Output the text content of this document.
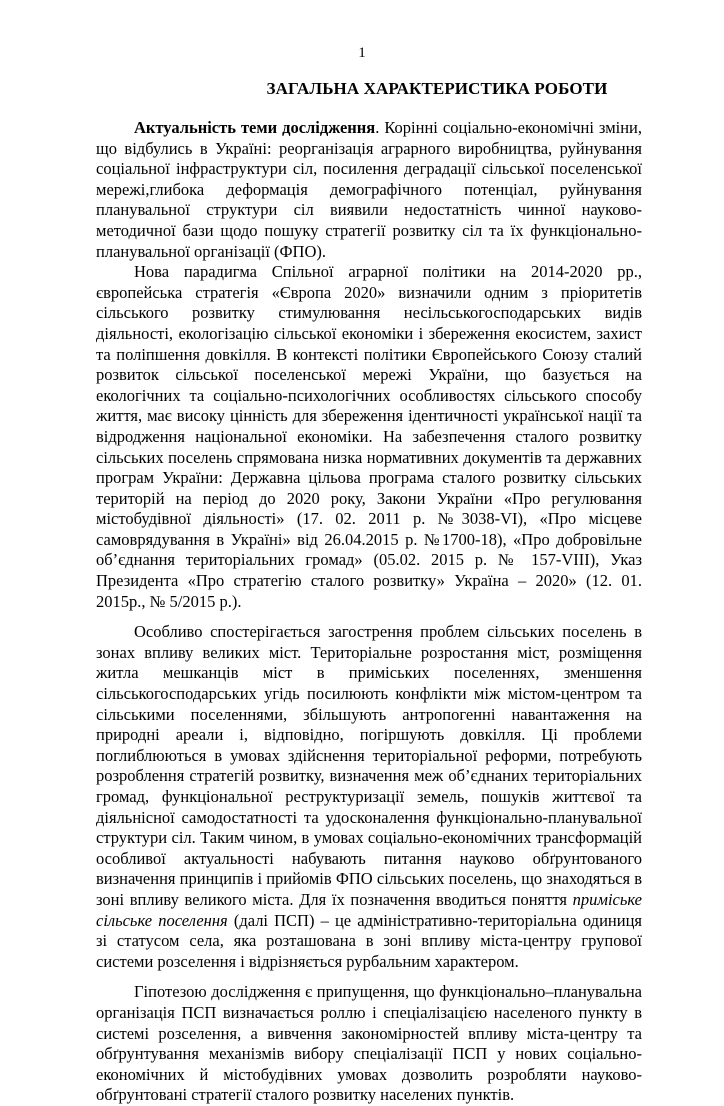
1
ЗАГАЛЬНА ХАРАКТЕРИСТИКА РОБОТИ

Актуальність теми дослідження. Корінні соціально-економічні зміни, що відбулись в Україні: реорганізація аграрного виробництва, руйнування соціальної інфраструктури сіл, посилення деградації сільської поселенської мережі,глибока деформація демографічного потенціал, руйнування планувальної структури сіл виявили недостатність чинної науково-методичної бази щодо пошуку стратегії розвитку сіл та їх функціонально-планувальної організації (ФПО).

Нова парадигма Спільної аграрної політики на 2014-2020 рр., європейська стратегія «Європа 2020» визначили одним з пріоритетів сільського розвитку стимулювання несільськогосподарських видів діяльності, екологізацію сільської економіки і збереження екосистем, захист та поліпшення довкілля. В контексті політики Європейського Союзу сталий розвиток сільської поселенської мережі України, що базується на екологічних та соціально-психологічних особливостях сільського способу життя, має високу цінність для збереження ідентичності української нації та відродження національної економіки. На забезпечення сталого розвитку сільських поселень спрямована низка нормативних документів та державних програм України: Державна цільова програма сталого розвитку сільських територій на період до 2020 року, Закони України «Про регулювання містобудівної діяльності» (17. 02. 2011 р. №3038-VI), «Про місцеве самоврядування в Україні» від 26.04.2015 р. №1700-18), «Про добровільне об’єднання територіальних громад» (05.02. 2015 р. № 157-VIII), Указ Президента «Про стратегію сталого розвитку» Україна – 2020» (12. 01. 2015р., № 5/2015 р.).

Особливо спостерігається загострення проблем сільських поселень в зонах впливу великих міст. Територіальне розростання міст, розміщення житла мешканців міст в приміських поселеннях, зменшення сільськогосподарських угідь посилюють конфлікти між містом-центром та сільськими поселеннями, збільшують антропогенні навантаження на природні ареали і, відповідно, погіршують довкілля. Ці проблеми поглиблюються в умовах здійснення територіальної реформи, потребують розроблення стратегій розвитку, визначення меж об’єднаних територіальних громад, функціональної реструктуризації земель, пошуків життєвої та діяльнісної самодостатності та удосконалення функціонально-планувальної структури сіл. Таким чином, в умовах соціально-економічних трансформацій особливої актуальності набувають питання науково обґрунтованого визначення принципів і прийомів ФПО сільських поселень, що знаходяться в зоні впливу великого міста. Для їх позначення вводиться поняття приміське сільське поселення (далі ПСП) – це адміністративно-територіальна одиниця зі статусом села, яка розташована в зоні впливу міста-центру групової системи розселення і відрізняється рурбальним характером.

Гіпотезою дослідження є припущення, що функціонально–планувальна організація ПСП визначається роллю і спеціалізацією населеного пункту в системі розселення, а вивчення закономірностей впливу міста-центру та обґрунтування механізмів вибору спеціалізації ПСП у нових соціально-економічних й містобудівних умовах дозволить розробляти науково-обґрунтовані стратегії сталого розвитку населених пунктів.
